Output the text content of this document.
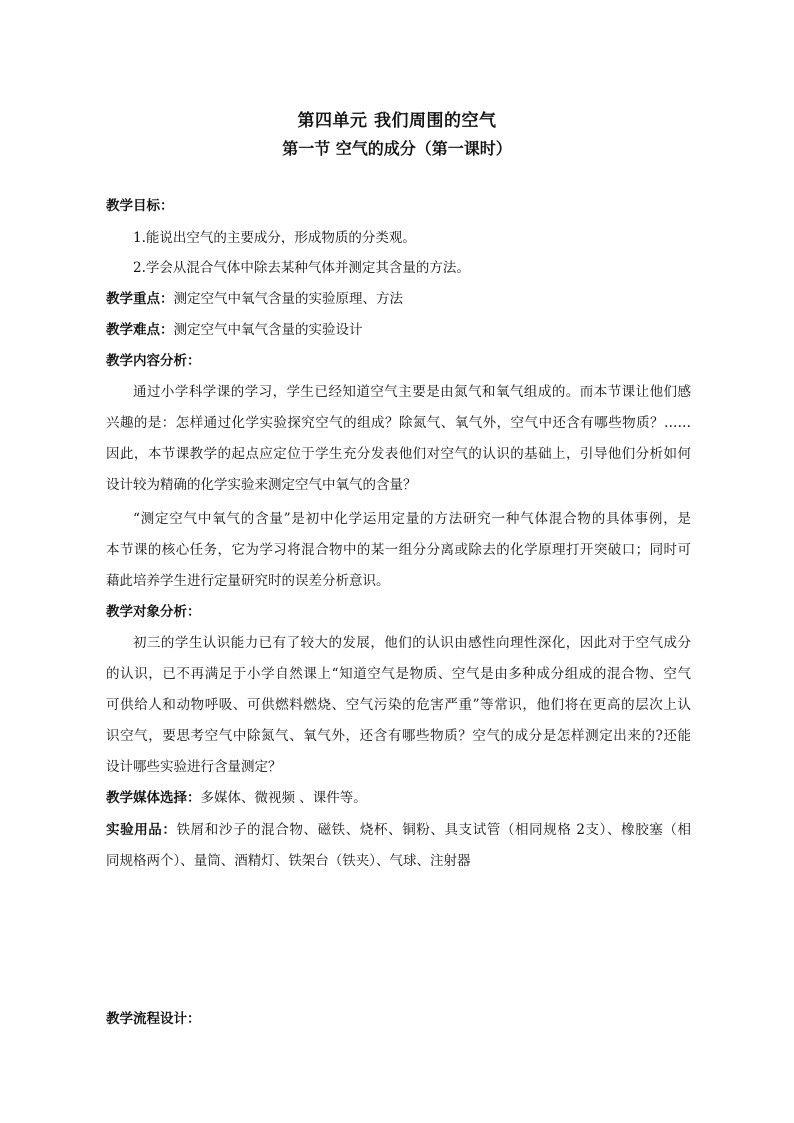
第四单元 我们周围的空气
第一节 空气的成分（第一课时）
教学目标：
1.能说出空气的主要成分，形成物质的分类观。
2.学会从混合气体中除去某种气体并测定其含量的方法。
教学重点：测定空气中氧气含量的实验原理、方法
教学难点：测定空气中氧气含量的实验设计
教学内容分析：
通过小学科学课的学习，学生已经知道空气主要是由氮气和氧气组成的。而本节课让他们感
兴趣的是：怎样通过化学实验探究空气的组成？除氮气、氧气外，空气中还含有哪些物质？……
因此，本节课教学的起点应定位于学生充分发表他们对空气的认识的基础上，引导他们分析如何
设计较为精确的化学实验来测定空气中氧气的含量？
“测定空气中氧气的含量”是初中化学运用定量的方法研究一种气体混合物的具体事例，是
本节课的核心任务，它为学习将混合物中的某一组分分离或除去的化学原理打开突破口；同时可
藉此培养学生进行定量研究时的误差分析意识。
教学对象分析：
初三的学生认识能力已有了较大的发展，他们的认识由感性向理性深化，因此对于空气成分
的认识，已不再满足于小学自然课上“知道空气是物质、空气是由多种成分组成的混合物、空气
可供给人和动物呼吸、可供燃料燃烧、空气污染的危害严重”等常识，他们将在更高的层次上认
识空气，要思考空气中除氮气、氧气外，还含有哪些物质？空气的成分是怎样测定出来的?还能
设计哪些实验进行含量测定？
教学媒体选择：多媒体、微视频 、课件等。
实验用品：铁屑和沙子的混合物、磁铁、烧杯、铜粉、具支试管（相同规格 2支）、橡胶塞（相
同规格两个）、量筒、酒精灯、铁架台（铁夹）、气球、注射器
教学流程设计：
